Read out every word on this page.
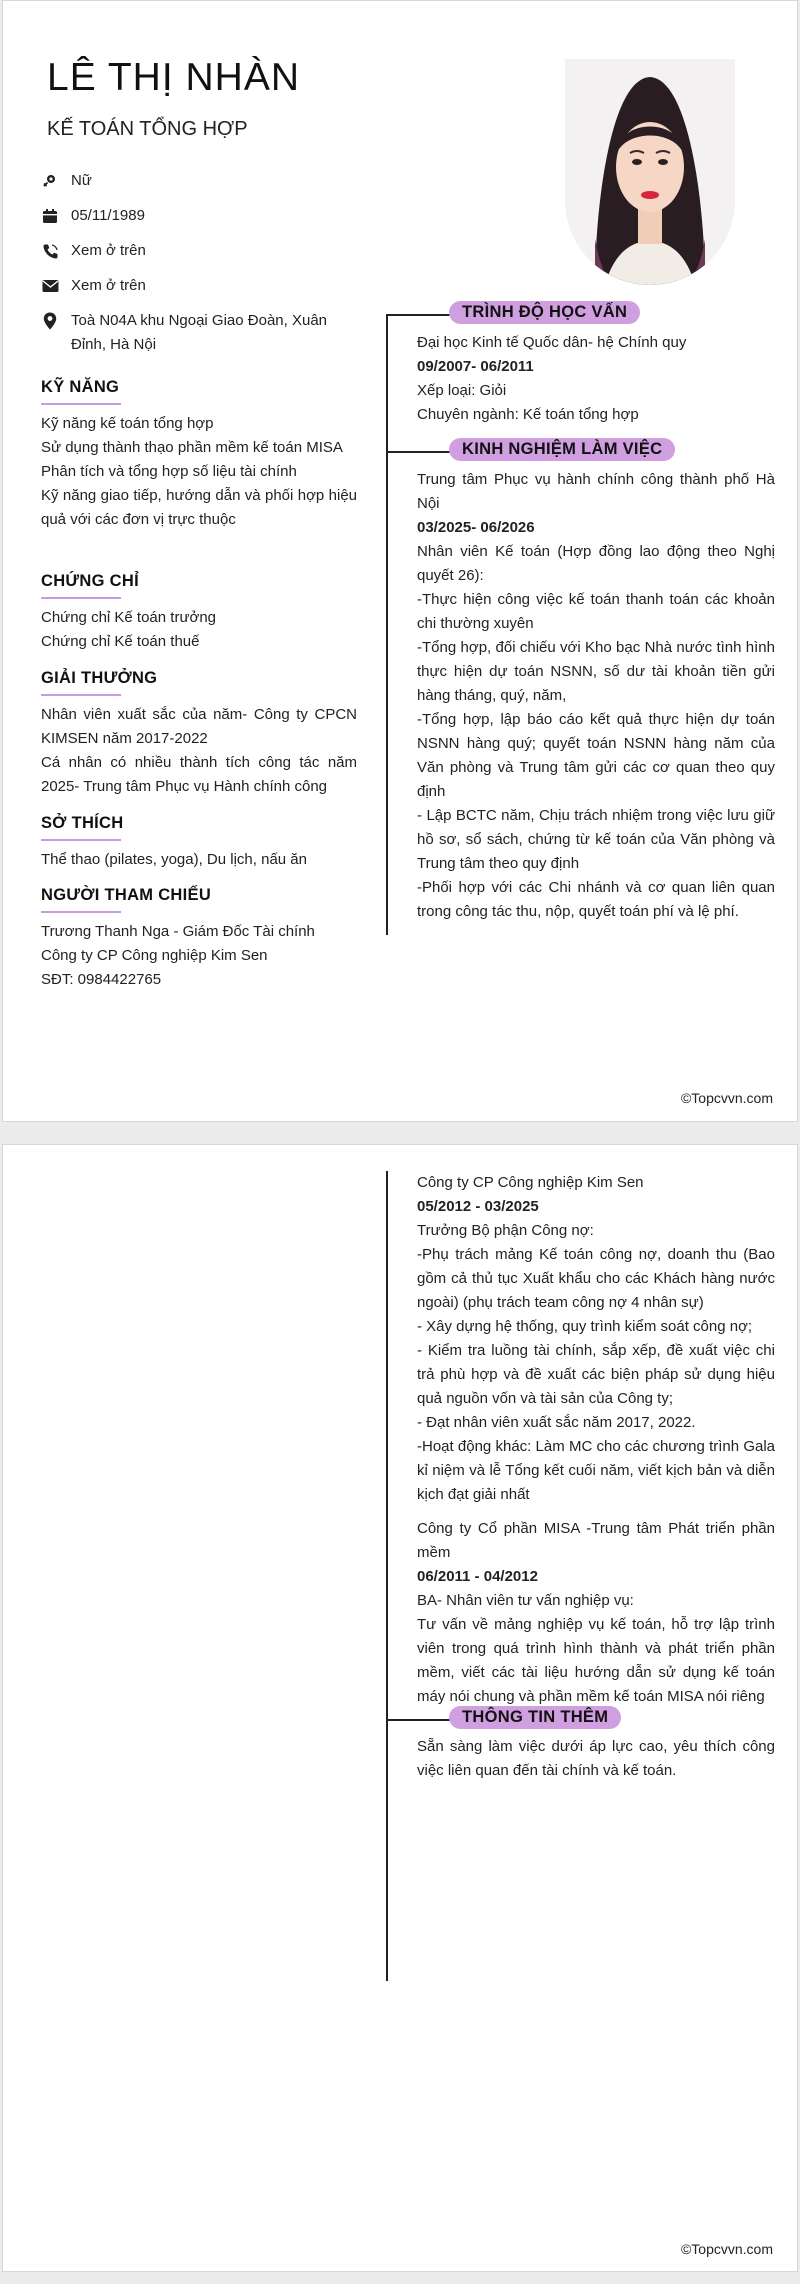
LÊ THỊ NHÀN
KẾ TOÁN TỔNG HỢP
Nữ
05/11/1989
Xem ở trên
Xem ở trên
Toà N04A khu Ngoại Giao Đoàn, Xuân Đỉnh, Hà Nội
KỸ NĂNG

Kỹ năng kế toán tổng hợp

Sử dụng thành thạo phần mềm kế toán MISA

Phân tích và tổng hợp số liệu tài chính

Kỹ năng giao tiếp, hướng dẫn và phối hợp hiệu quả với các đơn vị trực thuộc

CHỨNG CHỈ

Chứng chỉ Kế toán trưởng

Chứng chỉ Kế toán thuế

GIẢI THƯỞNG

Nhân viên xuất sắc của năm- Công ty CPCN KIMSEN năm 2017-2022

Cá nhân có nhiều thành tích công tác năm 2025- Trung tâm Phục vụ Hành chính công

SỞ THÍCH

Thể thao (pilates, yoga), Du lịch, nấu ăn

NGƯỜI THAM CHIẾU

Trương Thanh Nga - Giám Đốc Tài chính

Công ty CP Công nghiệp Kim Sen

SĐT: 0984422765

TRÌNH ĐỘ HỌC VẤN

Đại học Kinh tế Quốc dân- hệ Chính quy

09/2007- 06/2011

Xếp loại: Giỏi

Chuyên ngành: Kế toán tổng hợp

KINH NGHIỆM LÀM VIỆC

Trung tâm Phục vụ hành chính công thành phố Hà Nội

03/2025- 06/2026

Nhân viên Kế toán (Hợp đồng lao động theo Nghị quyết 26):

-Thực hiện công việc kế toán thanh toán các khoản chi thường xuyên

-Tổng hợp, đối chiếu với Kho bạc Nhà nước tình hình thực hiện dự toán NSNN, số dư tài khoản tiền gửi hàng tháng, quý, năm,

-Tổng hợp, lập báo cáo kết quả thực hiện dự toán NSNN hàng quý; quyết toán NSNN hàng năm của Văn phòng và Trung tâm gửi các cơ quan theo quy định

- Lập BCTC năm, Chịu trách nhiệm trong việc lưu giữ hồ sơ, sổ sách, chứng từ kế toán của Văn phòng và Trung tâm theo quy định

-Phối hợp với các Chi nhánh và cơ quan liên quan trong công tác thu, nộp, quyết toán phí và lệ phí.

©Topcvvn.com

Công ty CP Công nghiệp Kim Sen

05/2012 - 03/2025

Trưởng Bộ phận Công nợ:

-Phụ trách mảng Kế toán công nợ, doanh thu (Bao gồm cả thủ tục Xuất khẩu cho các Khách hàng nước ngoài) (phụ trách team công nợ 4 nhân sự)

- Xây dựng hệ thống, quy trình kiểm soát công nợ;

- Kiểm tra luồng tài chính, sắp xếp, đề xuất việc chi trả phù hợp và đề xuất các biện pháp sử dụng hiệu quả nguồn vốn và tài sản của Công ty;

- Đạt nhân viên xuất sắc năm 2017, 2022.

-Hoạt động khác: Làm MC cho các chương trình Gala kỉ niệm và lễ Tổng kết cuối năm, viết kịch bản và diễn kịch đạt giải nhất

Công ty Cổ phần MISA -Trung tâm Phát triển phần mềm

06/2011 - 04/2012

BA- Nhân viên tư vấn nghiệp vụ:

Tư vấn về mảng nghiệp vụ kế toán, hỗ trợ lập trình viên trong quá trình hình thành và phát triển phần mềm, viết các tài liệu hướng dẫn sử dụng kế toán máy nói chung và phần mềm kế toán MISA nói riêng

THÔNG TIN THÊM

Sẵn sàng làm việc dưới áp lực cao, yêu thích công việc liên quan đến tài chính và kế toán.

©Topcvvn.com
